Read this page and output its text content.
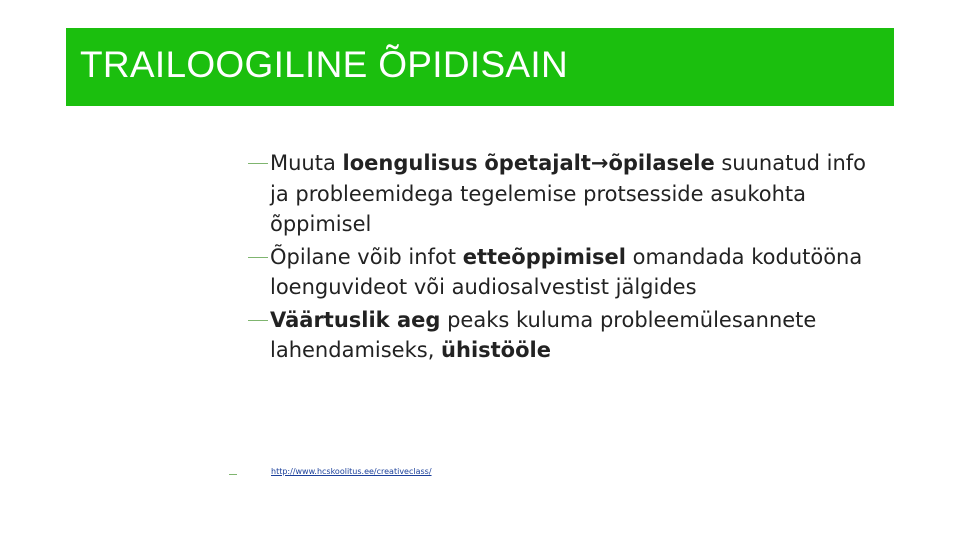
TRAILOOGILINE ÕPIDISAIN
Muuta loengulisus õpetajalt→õpilasele suunatud info ja probleemidega tegelemise protsesside asukohta õppimisel
Õpilane võib infot etteõppimisel omandada kodutööna loenguvideot või audiosalvestist jälgides
Väärtuslik aeg peaks kuluma probleemülesannete lahendamiseks, ühistööle
http://www.hcskoolitus.ee/creativeclass/
